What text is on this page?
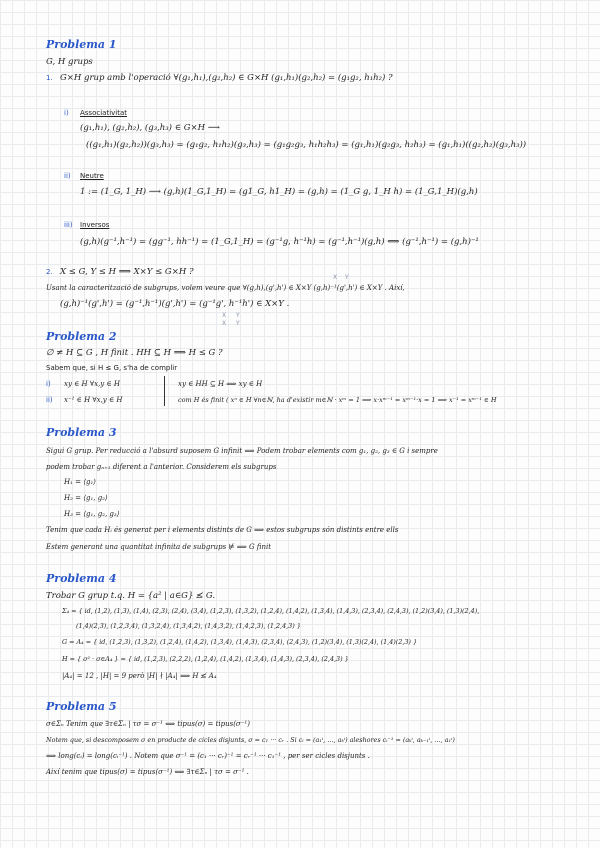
Problema 1
G, H grups
1. G×H grup amb l'operació ∀(g₁,h₁),(g₂,h₂) ∈ G×H (g₁,h₁)(g₂,h₂) = (g₁g₂, h₁h₂) ?
i) Associativitat
(g₁,h₁), (g₂,h₂), (g₃,h₃) ∈ G×H ⟶
((g₁,h₁)(g₂,h₂))(g₃,h₃) = (g₁g₂, h₁h₂)(g₃,h₃) = (g₁g₂g₃, h₁h₂h₃) = (g₁,h₁)(g₂g₃, h₂h₃) = (g₁,h₁)((g₂,h₂)(g₃,h₃))
ii) Neutre
1 := (1_G, 1_H) ⟶ (g,h)(1_G,1_H) = (g1_G, h1_H) = (g,h) = (1_G g, 1_H h) = (1_G,1_H)(g,h)
iii) Inversos
(g,h)(g⁻¹,h⁻¹) = (gg⁻¹, hh⁻¹) = (1_G,1_H) = (g⁻¹g, h⁻¹h) = (g⁻¹,h⁻¹)(g,h) ⟺ (g⁻¹,h⁻¹) = (g,h)⁻¹
2. X ≤ G, Y ≤ H ⟹ X×Y ≤ G×H ?
X Y
Usant la caracterització de subgrups, volem veure que ∀(g,h),(g',h') ∈ X×Y (g,h)⁻¹(g',h') ∈ X×Y . Així,
(g,h)⁻¹(g',h') = (g⁻¹,h⁻¹)(g',h') = (g⁻¹g', h⁻¹h') ∈ X×Y .
X Y
X Y
Problema 2
∅ ≠ H ⊆ G , H finit . HH ⊆ H ⟹ H ≤ G ?
Sabem que, si H ≤ G, s'ha de complir
i) xy ∈ H ∀x,y ∈ H	xy ∈ HH ⊆ H ⟹ xy ∈ H
ii) x⁻¹ ∈ H ∀x,y ∈ H	com H és finit ( xⁿ ∈ H ∀n∈ℕ, ha d'existir m∈ℕ · xᵐ = 1 ⟹ x·xᵐ⁻¹ = xᵐ⁻¹·x = 1 ⟹ x⁻¹ = xᵐ⁻¹ ∈ H
Problema 3
Sigui G grup. Per reducció a l'absurd suposem G infinit ⟹ Podem trobar elements com g₁, g₂, g₃ ∈ G i sempre
podem trobar gₙ₊₁ diferent a l'anterior. Considerem els subgrups
H₁ = ⟨g₁⟩
H₂ = ⟨g₁, g₂⟩
H₃ = ⟨g₁, g₂, g₃⟩
Tenim que cada Hᵢ és generat per i elements distints de G ⟹ estos subgrups són distints entre ells
Estem generant una quantitat infinita de subgrups ⊭ ⟹ G finit
Problema 4
Trobar G grup t.q. H = {a² | a∈G} ≰ G.
Σ₄ = { id, (1,2), (1,3), (1,4), (2,3), (2,4), (3,4), (1,2,3), (1,3,2), (1,2,4), (1,4,2), (1,3,4), (1,4,3), (2,3,4), (2,4,3), (1,2)(3,4), (1,3)(2,4),
(1,4)(2,3), (1,2,3,4), (1,3,2,4), (1,3,4,2), (1,4,3,2), (1,4,2,3), (1,2,4,3) }
G = A₄ = { id, (1,2,3), (1,3,2), (1,2,4), (1,4,2), (1,3,4), (1,4,3), (2,3,4), (2,4,3), (1,2)(3,4), (1,3)(2,4), (1,4)(2,3) }
H = { σ² · σ∈A₄ } = { id, (1,2,3), (2,2,2), (1,2,4), (1,4,2), (1,3,4), (1,4,3), (2,3,4), (2,4,3) }
|A₄| = 12 , |H| = 9 però |H| ∤ |A₄| ⟹ H ≰ A₄
Problema 5
σ∈Σₙ Tenim que ∃τ∈Σₙ | τσ = σ⁻¹ ⟺ tipus(σ) = tipus(σ⁻¹)
Notem que, si descomposem σ en producte de cicles disjunts, σ = c₁ ··· cᵣ . Si cᵢ = (a₁ⁱ, …, aₖⁱ) aleshores cᵢ⁻¹ = (aₖⁱ, aₖ₋₁ⁱ, …, a₁ⁱ)
⟹ long(cᵢ) = long(cᵢ⁻¹) . Notem que σ⁻¹ = (c₁ ··· cᵣ)⁻¹ = cᵣ⁻¹ ··· c₁⁻¹ , per ser cicles disjunts .
Així tenim que tipus(σ) = tipus(σ⁻¹) ⟺ ∃τ∈Σₙ | τσ = σ⁻¹ .
